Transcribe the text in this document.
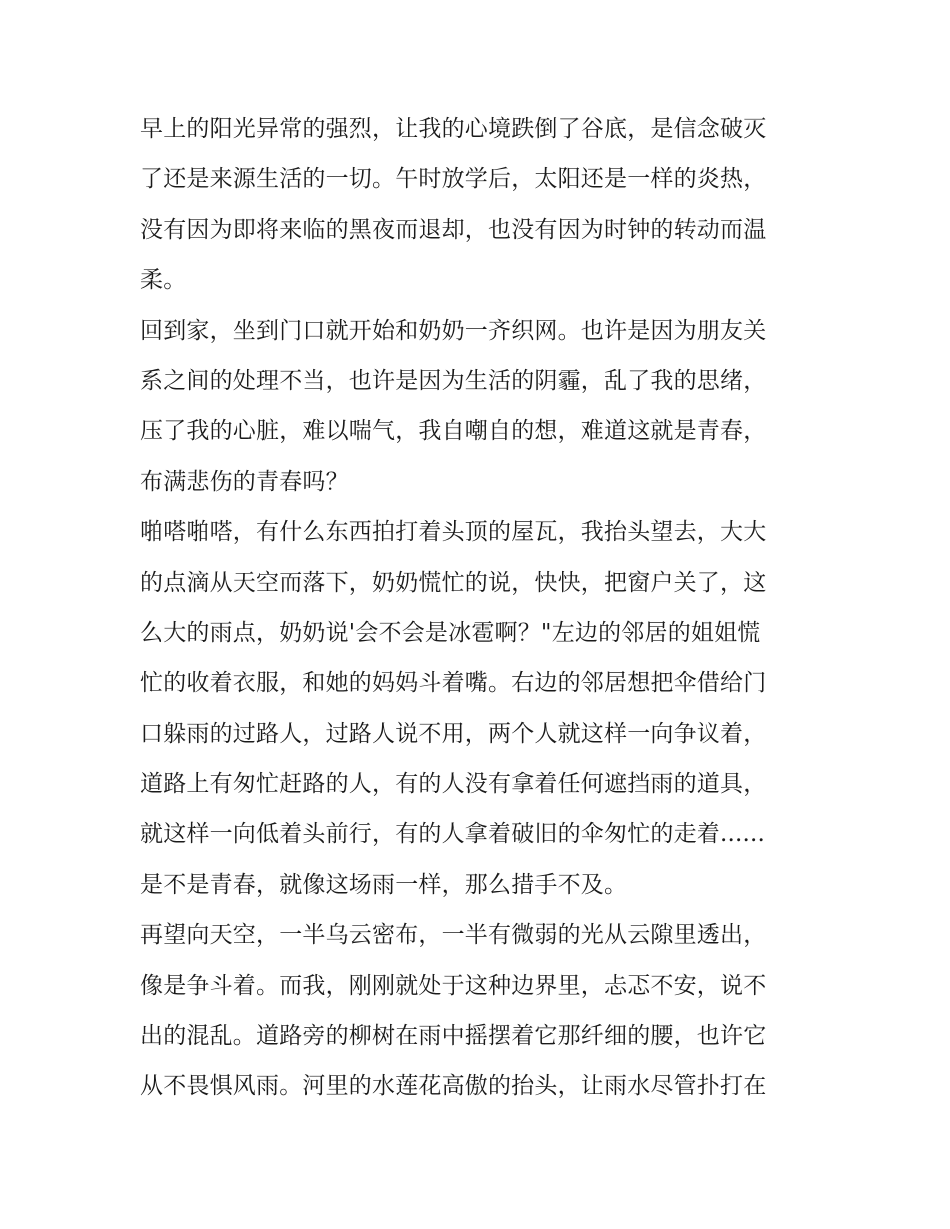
早上的阳光异常的强烈，让我的心境跌倒了谷底，是信念破灭
了还是来源生活的一切。午时放学后，太阳还是一样的炎热，
没有因为即将来临的黑夜而退却，也没有因为时钟的转动而温
柔。
回到家，坐到门口就开始和奶奶一齐织网。也许是因为朋友关
系之间的处理不当，也许是因为生活的阴霾，乱了我的思绪，
压了我的心脏，难以喘气，我自嘲自的想，难道这就是青春，
布满悲伤的青春吗？
啪嗒啪嗒，有什么东西拍打着头顶的屋瓦，我抬头望去，大大
的点滴从天空而落下，奶奶慌忙的说，快快，把窗户关了，这
么大的雨点，奶奶说'会不会是冰雹啊？"左边的邻居的姐姐慌
忙的收着衣服，和她的妈妈斗着嘴。右边的邻居想把伞借给门
口躲雨的过路人，过路人说不用，两个人就这样一向争议着，
道路上有匆忙赶路的人，有的人没有拿着任何遮挡雨的道具，
就这样一向低着头前行，有的人拿着破旧的伞匆忙的走着......
是不是青春，就像这场雨一样，那么措手不及。
再望向天空，一半乌云密布，一半有微弱的光从云隙里透出，
像是争斗着。而我，刚刚就处于这种边界里，忐忑不安，说不
出的混乱。道路旁的柳树在雨中摇摆着它那纤细的腰，也许它
从不畏惧风雨。河里的水莲花高傲的抬头，让雨水尽管扑打在
